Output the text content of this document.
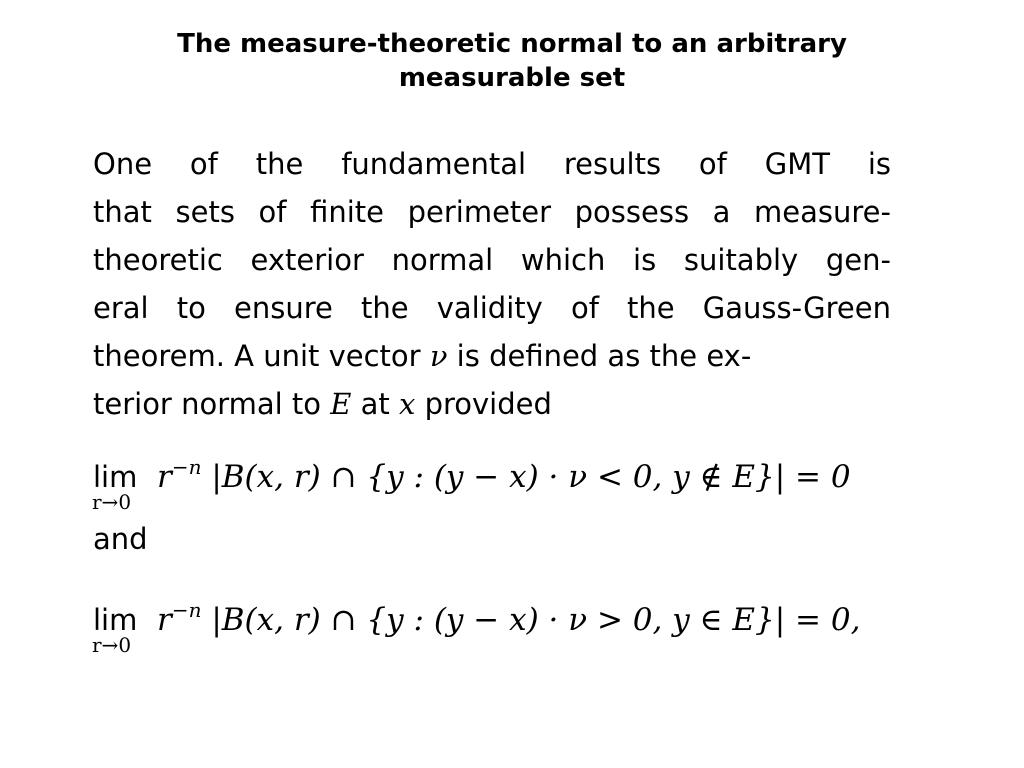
The measure-theoretic normal to an arbitrary
measurable set
One of the fundamental results of GMT is
that sets of finite perimeter possess a measure-
theoretic exterior normal which is suitably gen-
eral to ensure the validity of the Gauss-Green
theorem. A unit vector ν is defined as the ex-
terior normal to E at x provided
lim
r→0
$r^{-n}$ |B(x, r) ∩ {y : (y − x) · ν < 0, y ∉ E}| = 0
and
lim
r→0
$r^{-n}$ |B(x, r) ∩ {y : (y − x) · ν > 0, y ∈ E}| = 0,
